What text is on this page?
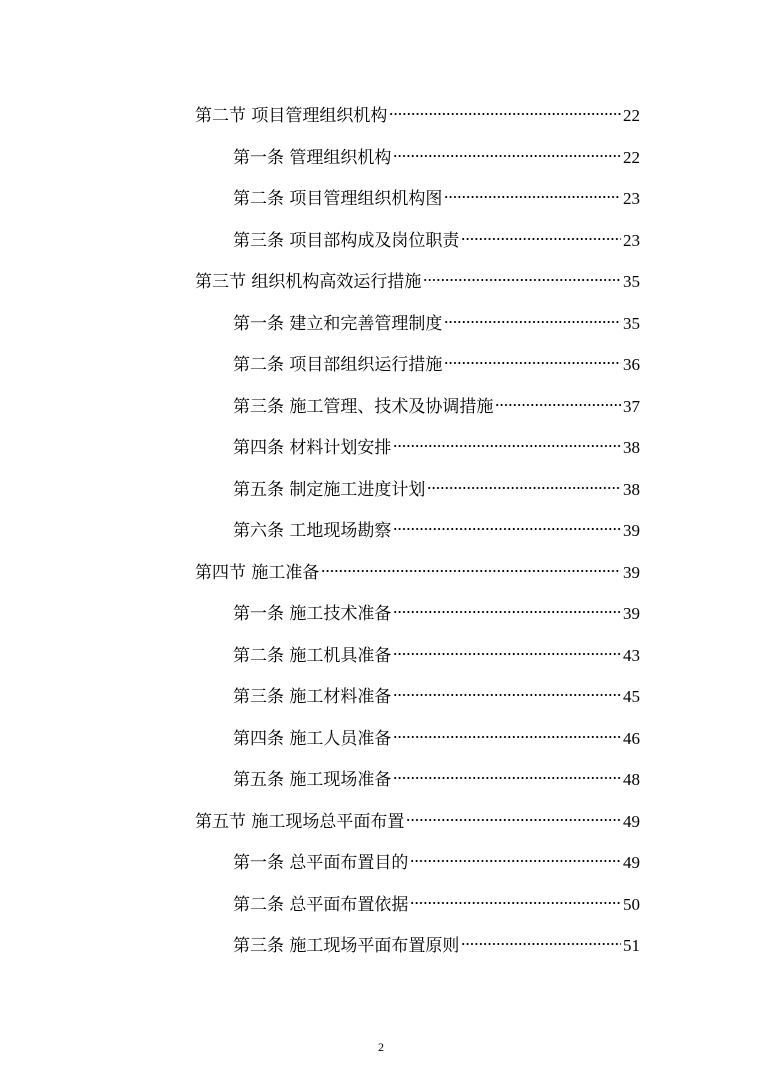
第二节 项目管理组织机构	22
第一条 管理组织机构	22
第二条 项目管理组织机构图	23
第三条 项目部构成及岗位职责	23
第三节 组织机构高效运行措施	35
第一条 建立和完善管理制度	35
第二条 项目部组织运行措施	36
第三条 施工管理、技术及协调措施	37
第四条 材料计划安排	38
第五条 制定施工进度计划	38
第六条 工地现场勘察	39
第四节 施工准备	39
第一条 施工技术准备	39
第二条 施工机具准备	43
第三条 施工材料准备	45
第四条 施工人员准备	46
第五条 施工现场准备	48
第五节 施工现场总平面布置	49
第一条 总平面布置目的	49
第二条 总平面布置依据	50
第三条 施工现场平面布置原则	51
2
